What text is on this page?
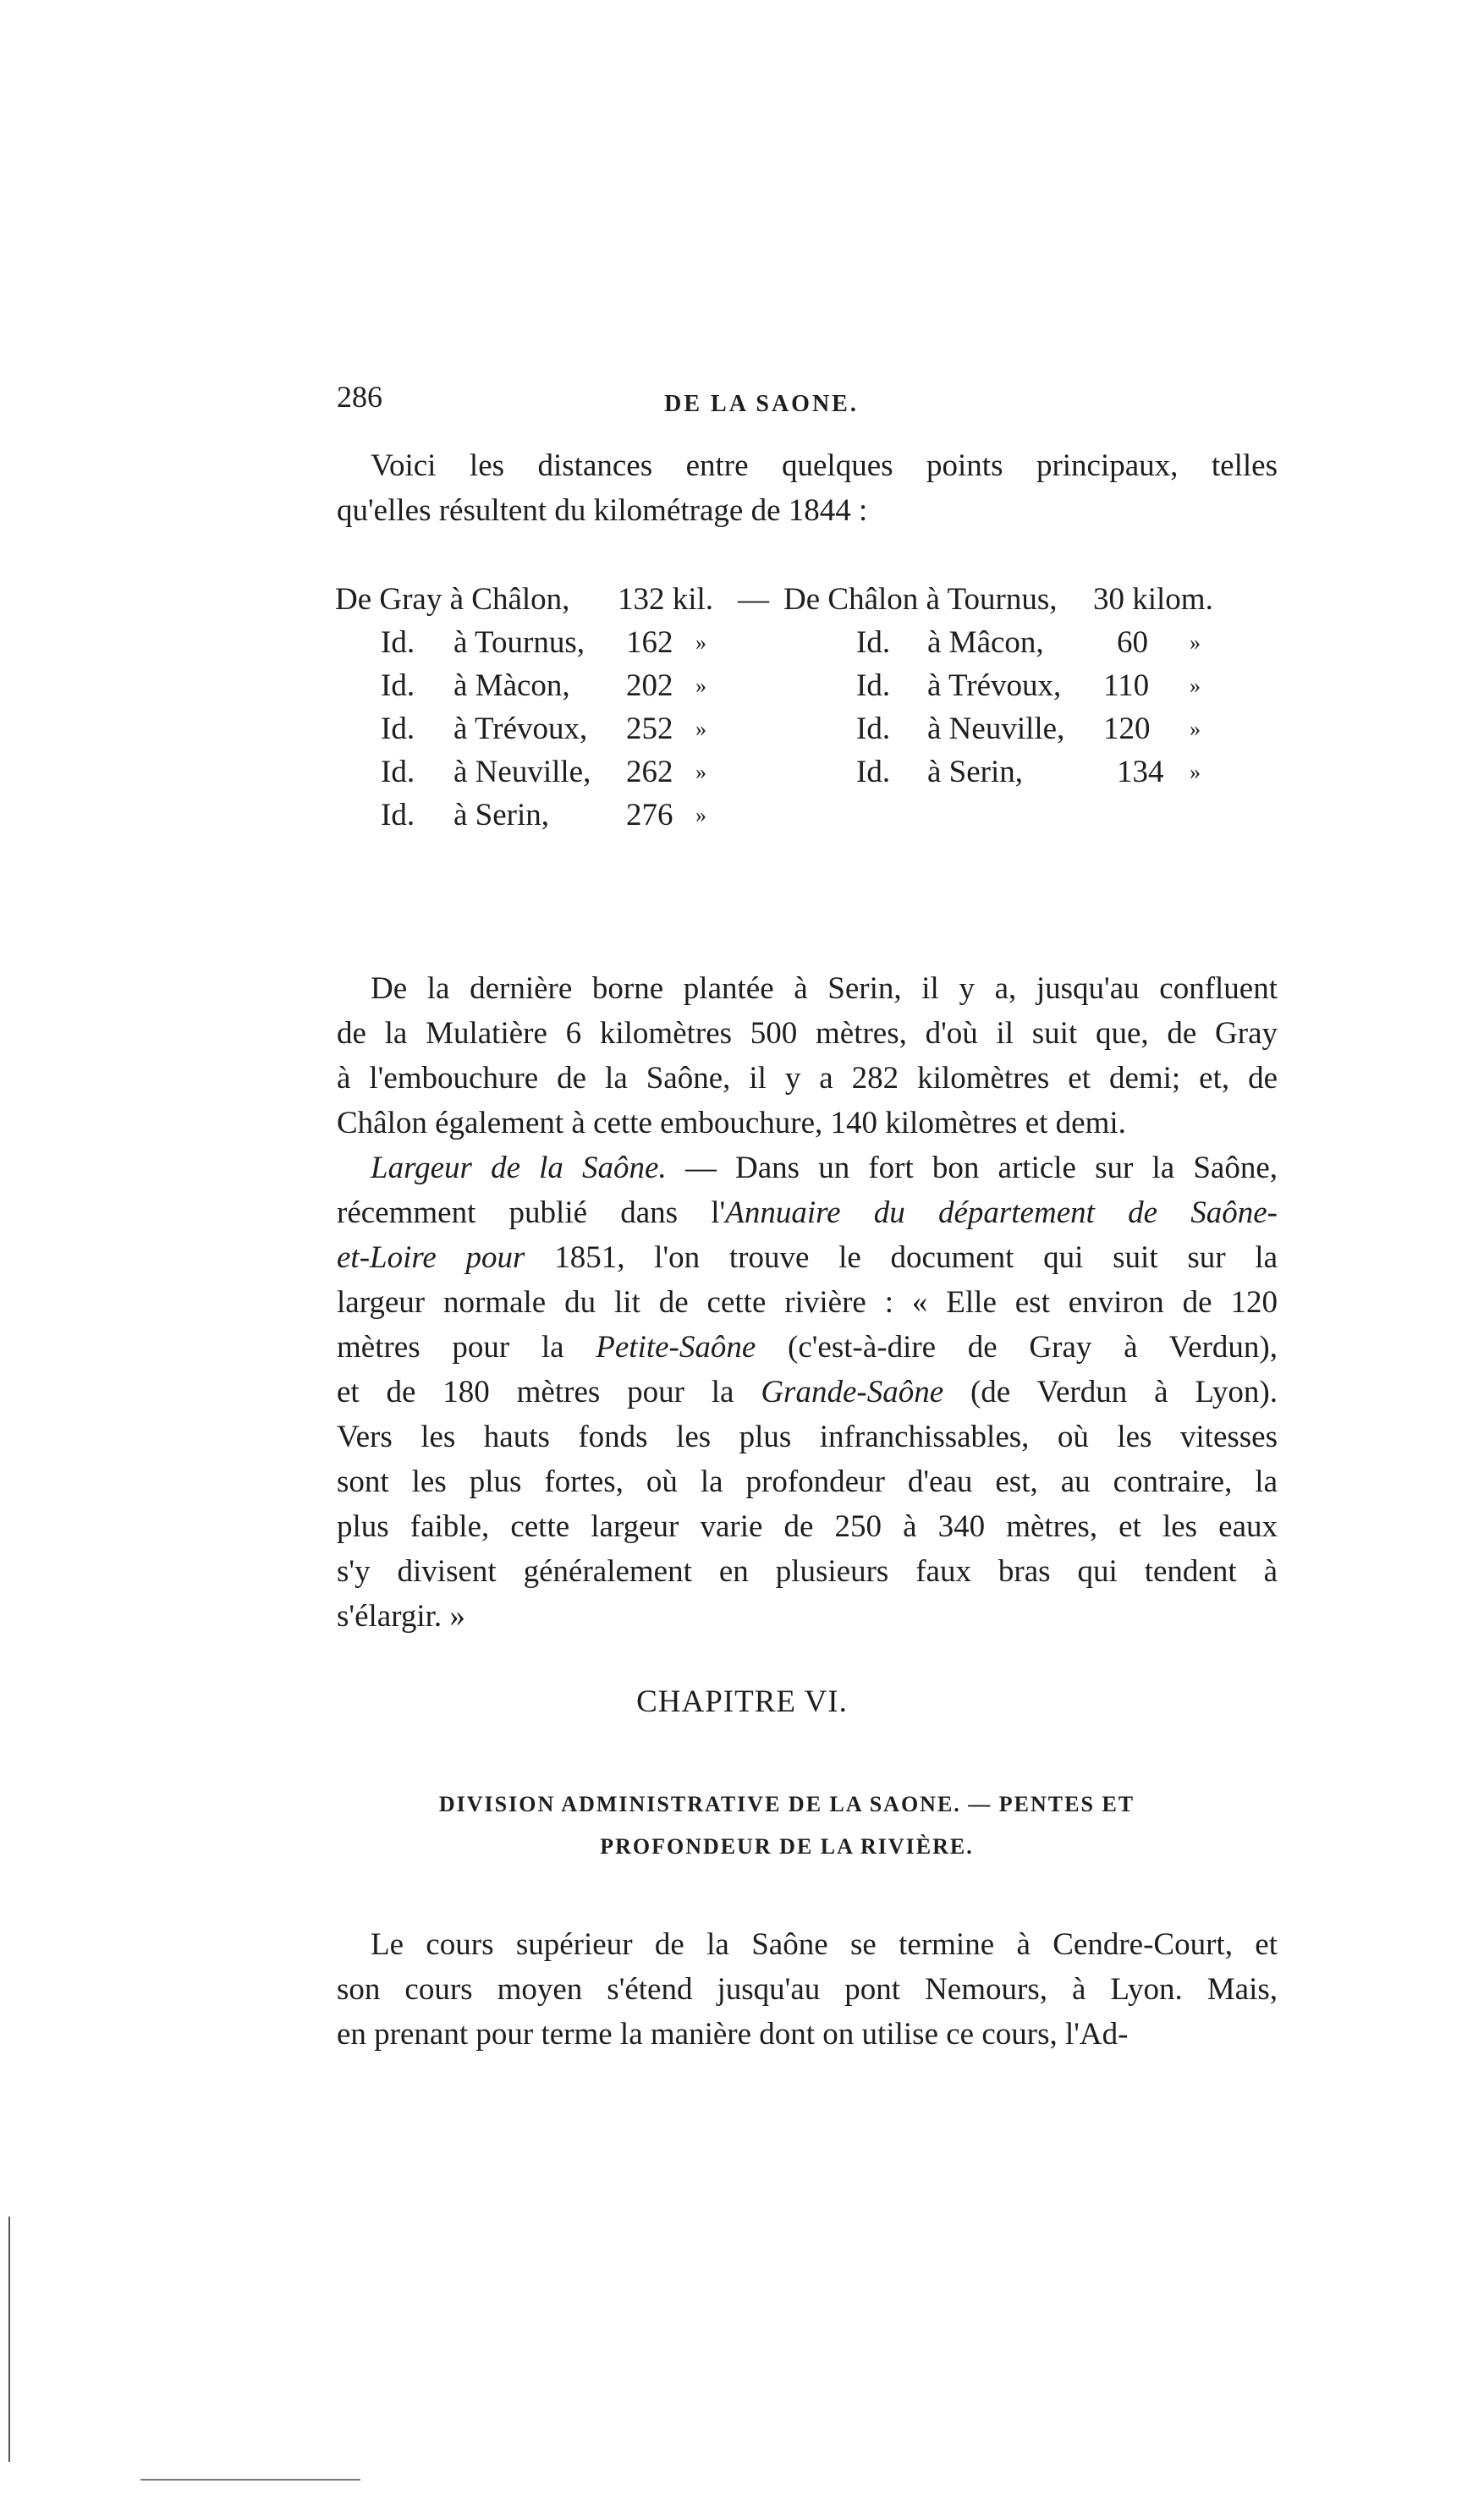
286	DE LA SAONE.
Voici les distances entre quelques points principaux, telles
qu'elles résultent du kilométrage de 1844 :
De Gray à Châlon, 132 kil. — De Châlon à Tournus, 30 kilom.
Id. à Tournus, 162 »	Id. à Mâcon, 60 »
Id. à Màcon, 202 »	Id. à Trévoux, 110 »
Id. à Trévoux, 252 »	Id. à Neuville, 120 »
Id. à Neuville, 262 »	Id. à Serin,	134 »
Id. à Serin, 276 »
De la dernière borne plantée à Serin, il y a, jusqu'au confluent
de la Mulatière 6 kilomètres 500 mètres, d'où il suit que, de Gray
à l'embouchure de la Saône, il y a 282 kilomètres et demi; et, de
Châlon également à cette embouchure, 140 kilomètres et demi.
Largeur de la Saône. — Dans un fort bon article sur la Saône,
récemment publié dans l'Annuaire du département de Saône-
et-Loire pour 1851, l'on trouve le document qui suit sur la
largeur normale du lit de cette rivière : « Elle est environ de 120
mètres pour la Petite-Saône (c'est-à-dire de Gray à Verdun),
et de 180 mètres pour la Grande-Saône (de Verdun à Lyon).
Vers les hauts fonds les plus infranchissables, où les vitesses
sont les plus fortes, où la profondeur d'eau est, au contraire, la
plus faible, cette largeur varie de 250 à 340 mètres, et les eaux
s'y divisent généralement en plusieurs faux bras qui tendent à
s'élargir. »
CHAPITRE VI.
DIVISION ADMINISTRATIVE DE LA SAONE. — PENTES ET
PROFONDEUR DE LA RIVIÈRE.
Le cours supérieur de la Saône se termine à Cendre-Court, et
son cours moyen s'étend jusqu'au pont Nemours, à Lyon. Mais,
en prenant pour terme la manière dont on utilise ce cours, l'Ad-
